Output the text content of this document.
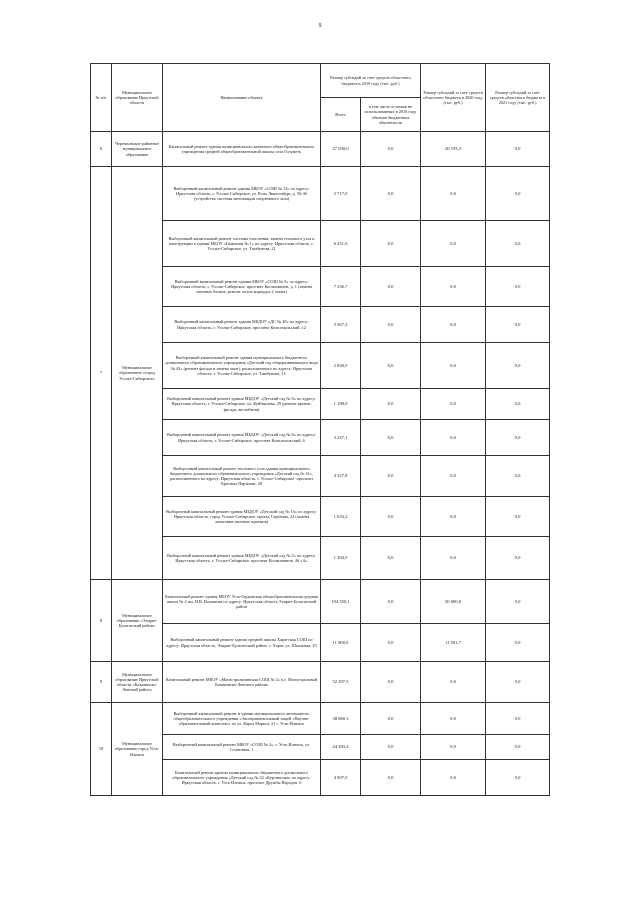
9
№ п/п	Муниципальное образование Иркутской области	Наименование объекта	Размер субсидий за счет средств областного бюджета в 2019 году (тыс. руб.)		Размер субсидий за счет средств областного бюджета в 2020 году (тыс. руб.)	Размер субсидий за счет средств областного бюджета в 2021 году (тыс. руб.)
			Всего	в том числе остатков не использованных в 2018 году объемов бюджетных обязательств		
6	Черемховское районное муниципальное образование	Капитальный ремонт здания муниципального казенного общеобразовательного учреждения средней общеобразовательной школы села Голуметь	27 030,0	0,0	20 193,3	0,0
7	Муниципальное образование «город Усолье-Сибирское»	Выборочный капитальный ремонт здания МБОУ «СОШ № 13» по адресу: Иркутская область, г. Усолье-Сибирское, ул. Розы Люксембург, д. 56-46 (устройство системы вентиляции спортивного зала)	3 717,0	0,0	0,0	0,0
		Выборочный капитальный ремонт системы отопления, замена теплового узла и конструкции в здании МБОУ «Гимназия № 1» по адресу: Иркутская область, г. Усолье-Сибирское, ул. Тимбунова, 21	6 251,6	0,0	0,0	0,0
		Выборочный капитальный ремонт здания МБОУ «СОШ № 5» по адресу: Иркутская область, г. Усолье-Сибирское, проспект Космонавтов, д. 1 (замена оконных блоков, ремонт полов коридора 2 этажа)	7 336,7	0,0	0,0	0,0
		Выборочный капитальный ремонт здания МБДОУ «ДС № 20» по адресу: Иркутская область, г. Усолье-Сибирское, проспект Комсомольский, 12	5 367,3	0,0	0,0	0,0
		Выборочный капитальный ремонт здания муниципального бюджетного дошкольного образовательного учреждения «Детский сад общеразвивающего вида № 42» (ремонт фасада и замена окон), расположенного по адресу: Иркутская область, г. Усолье-Сибирское, ул. Тимбунова, 13	2 849,5	0,0	0,0	0,0
		Выборочный капитальный ремонт здания МБДОУ «Детский сад № 6» по адресу: Иркутская область, г. Усолье-Сибирское, ул. Куйбышева, 29 (ремонт кровли, фасада, вестибюля)	1 198,0	0,0	0,0	0,0
		Выборочный капитальный ремонт здания МБДОУ «Детский сад № 6» по адресу: Иркутская область, г. Усолье-Сибирское, проспект Комсомольский, 6	3 247,1	0,0	0,0	0,0
		Выборочный капитальный ремонт теплового узла здания муниципального бюджетного дошкольного образовательного учреждения «Детский сад № 41», расположенного по адресу: Иркутская область, г. Усолье-Сибирское, проспект Красных Партизан, 28	4 327,8	0,0	0,0	0,0
		Выборочный капитальный ремонт здания МБДОУ «Детский сад № 13» по адресу: Иркутская область, город Усолье-Сибирское, проезд Серёгина, 24 (замена запасовки оконных проемов)	1 633,2	0,0	0,0	0,0
		Выборочный капитальный ремонт здания МБДОУ «Детский сад № 5» по адресу: Иркутская область, г. Усолье-Сибирское, проспект Космонавтов, 46 «А»	1 494,5	0,0	0,0	0,0
8	Муниципальное образование «Эхирит-Булагатский район»	Капитальный ремонт здания МБОУ Усть-Ордынская общеобразовательная средняя школа № 2 им. Н.В. Валашова по адресу: Иркутская область Эхирит-Булагатский район	104 550,1	0,0	50 000,0	0,0
		Выборочный капитальный ремонт здания средней школы Харатская СОШ по адресу: Иркутская область, Эхирит-Булагатский район, с. Харат, ул. Школьная, 25	11 900,0	0,0	11 501,7	0,0
9	Муниципальное образование Иркутской области «Казачинско-Ленский район»	Капитальный ремонт МКОУ «Магистральнинская СОШ № 2» п.г. Магистральный Казачинско-Ленского района	52 297,5	0,0	0,0	0,0
10	Муниципальное образование город Усть-Илимск	Выборочный капитальный ремонт в здании муниципального автономного общеобразовательного учреждения «Экспериментальный лицей «Научно-образовательный комплекс» по ул. Карла Маркса, 21 г. Усть-Илимск	38 860,3	0,0	0,0	0,0
		Выборочный капитальный ремонт МБОУ «СОШ № 2», г. Усть-Илимск, ул. Солнечная, 1	24 283,4	0,0	0,0	0,0
		Капитальный ремонт кровли муниципального бюджетного дошкольного образовательного учреждения «Детский сад № 32 «Курсиночка» по адресу: Иркутская область, г. Усть-Илимск, проспект Дружбы Народов, 6	4 097,5	0,0	0,0	0,0
